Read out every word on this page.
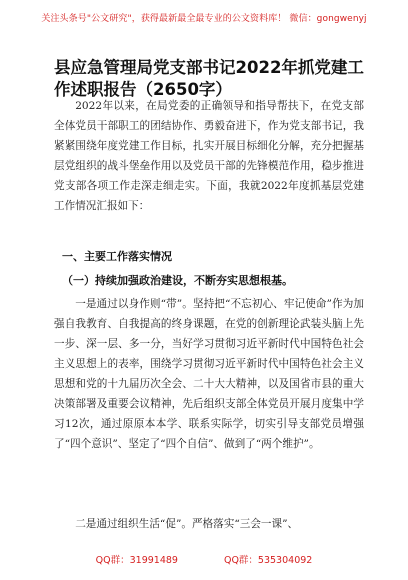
关注头条号"公文研究"，获得最新最全最专业的公文资料库！ 微信：gongwenyj
县应急管理局党支部书记2022年抓党建工作述职报告（2650字）

2022年以来，在局党委的正确领导和指导帮扶下，在党支部全体党员干部职工的团结协作、勇毅奋进下，作为党支部书记，我紧紧围绕年度党建工作目标，扎实开展目标细化分解，充分把握基层党组织的战斗堡垒作用以及党员干部的先锋模范作用，稳步推进党支部各项工作走深走细走实。下面，我就2022年度抓基层党建工作情况汇报如下：

一、主要工作落实情况
（一）持续加强政治建设，不断夯实思想根基。

一是通过以身作则“带”。坚持把“不忘初心、牢记使命”作为加强自我教育、自我提高的终身课题，在党的创新理论武装头脑上先一步、深一层、多一分，当好学习贯彻习近平新时代中国特色社会主义思想上的表率，围绕学习贯彻习近平新时代中国特色社会主义思想和党的十九届历次全会、二十大大精神，以及国省市县的重大决策部署及重要会议精神，先后组织支部全体党员开展月度集中学习12次，通过原原本本学、联系实际学，切实引导支部党员增强了“四个意识”、坚定了“四个自信”、做到了“两个维护”。

二是通过组织生活“促”。严格落实“三会一课”、

QQ群：31991489	QQ群：535304092
